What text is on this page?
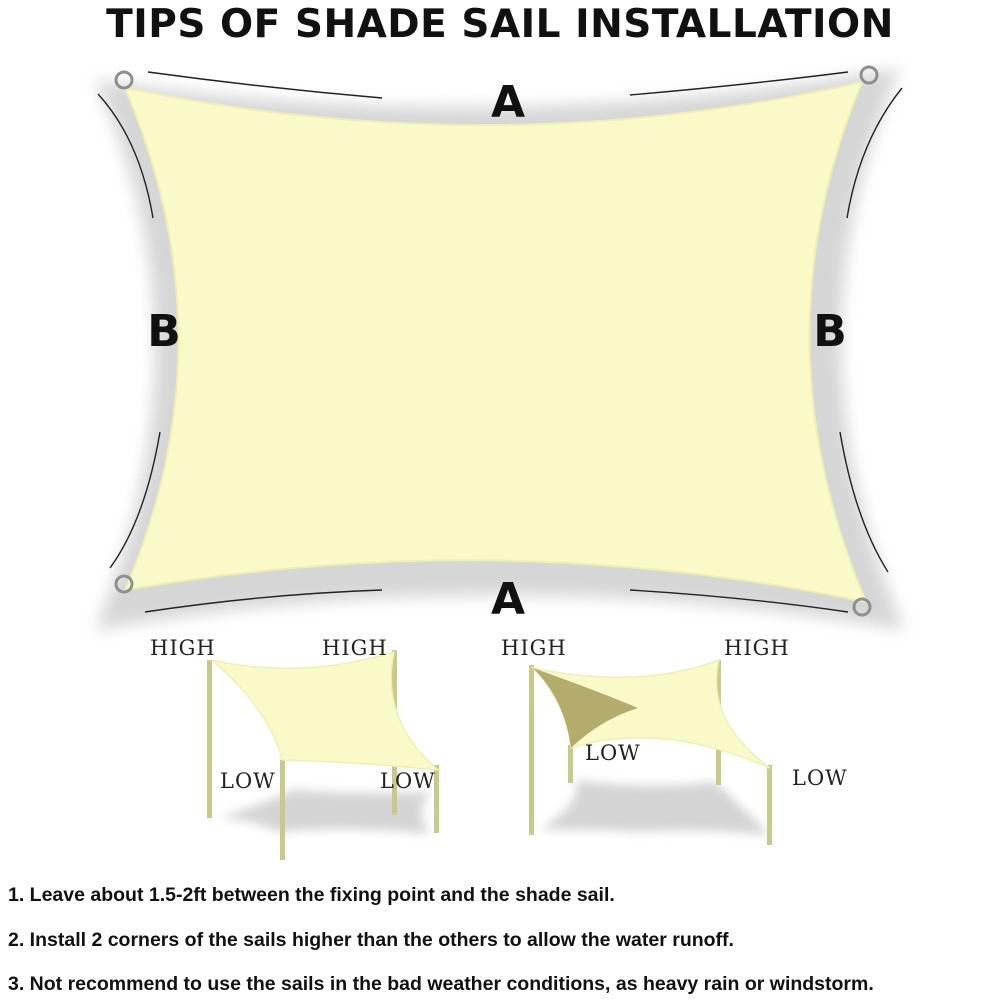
TIPS OF SHADE SAIL INSTALLATION
A
A
B	B
HIGH	HIGH
LOW	LOW
HIGH	HIGH
LOW
LOW
1. Leave about 1.5-2ft between the fixing point and the shade sail.
2. Install 2 corners of the sails higher than the others to allow the water runoff.
3. Not recommend to use the sails in the bad weather conditions, as heavy rain or windstorm.
